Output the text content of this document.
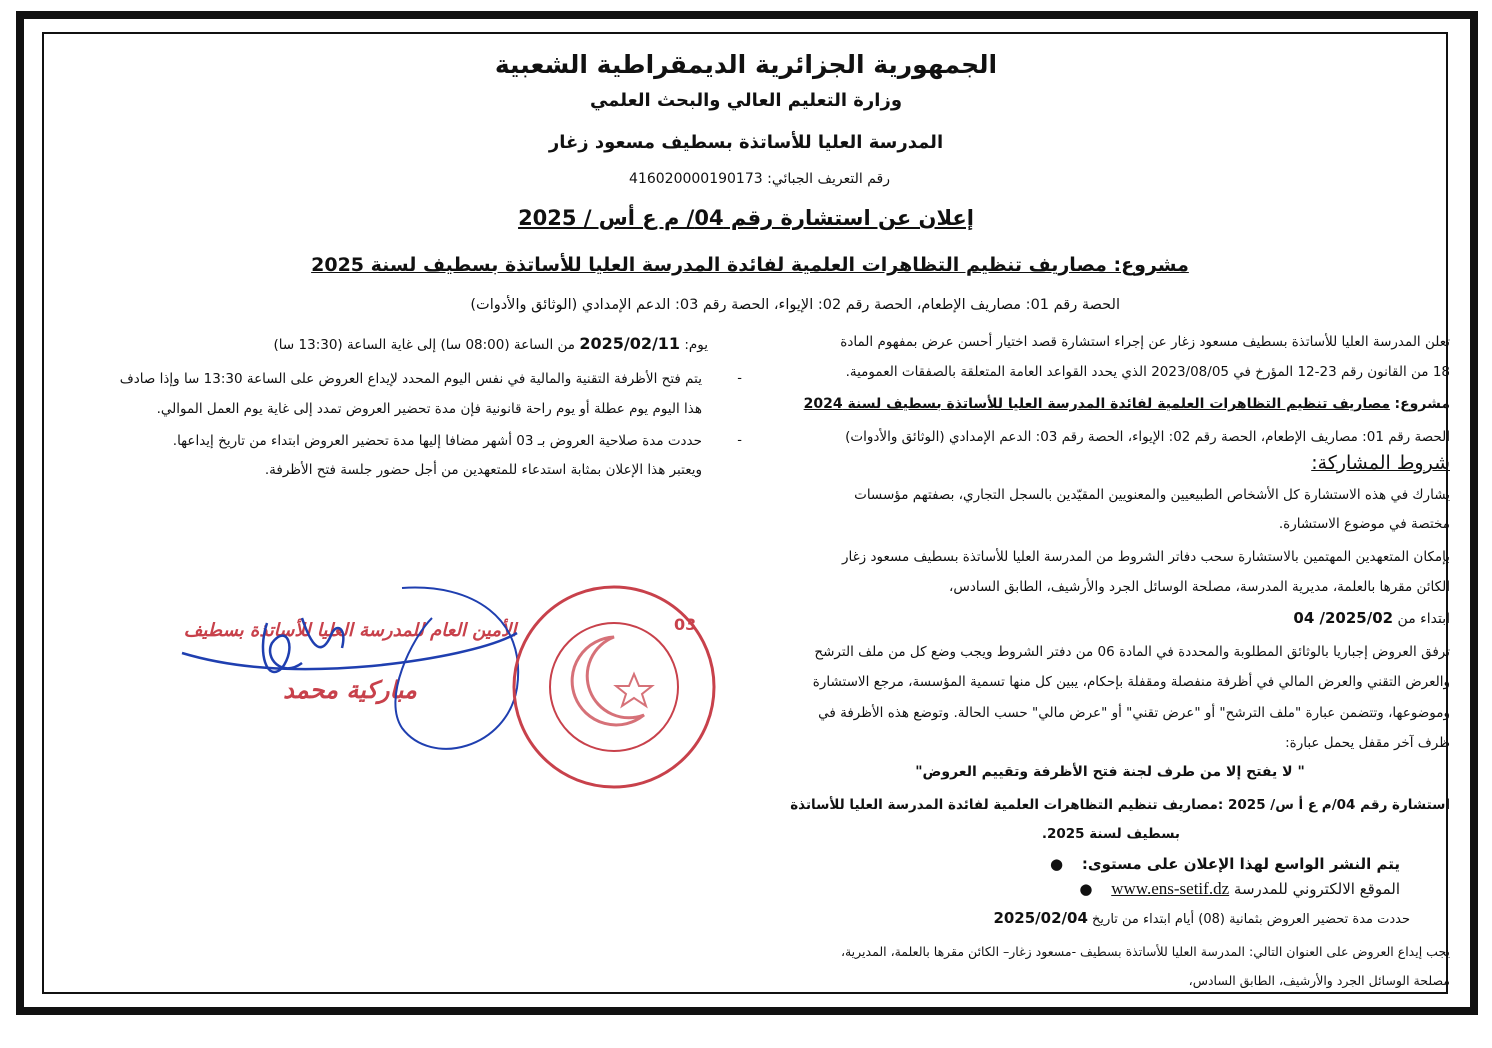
الجمهورية الجزائرية الديمقراطية الشعبية
وزارة التعليم العالي والبحث العلمي
المدرسة العليا للأساتذة بسطيف مسعود زغار
رقم التعريف الجبائي: 416020000190173
إعلان عن استشارة رقم 04/ م ع أس / 2025
مشروع: مصاريف تنظيم التظاهرات العلمية لفائدة المدرسة العليا للأساتذة بسطيف لسنة 2025
الحصة رقم 01: مصاريف الإطعام، الحصة رقم 02: الإيواء، الحصة رقم 03: الدعم الإمدادي (الوثائق والأدوات)
تعلن المدرسة العليا للأساتذة بسطيف مسعود زغار عن إجراء استشارة قصد اختيار أحسن عرض بمفهوم المادة
18 من القانون رقم 23-12 المؤرخ في 2023/08/05 الذي يحدد القواعد العامة المتعلقة بالصفقات العمومية.
مشروع: مصاريف تنظيم التظاهرات العلمية لفائدة المدرسة العليا للأساتذة بسطيف لسنة 2024
الحصة رقم 01: مصاريف الإطعام، الحصة رقم 02: الإيواء، الحصة رقم 03: الدعم الإمدادي (الوثائق والأدوات)
شروط المشاركة:
يشارك في هذه الاستشارة كل الأشخاص الطبيعيين والمعنويين المقيّدين بالسجل التجاري، بصفتهم مؤسسات
مختصة في موضوع الاستشارة.
بإمكان المتعهدين المهتمين بالاستشارة سحب دفاتر الشروط من المدرسة العليا للأساتذة بسطيف مسعود زغار
الكائن مقرها بالعلمة، مديرية المدرسة، مصلحة الوسائل الجرد والأرشيف، الطابق السادس،
ابتداء من 2025/02/ 04
ترفق العروض إجباريا بالوثائق المطلوبة والمحددة في المادة 06 من دفتر الشروط ويجب وضع كل من ملف الترشح
والعرض التقني والعرض المالي في أظرفة منفصلة ومقفلة بإحكام، يبين كل منها تسمية المؤسسة، مرجع الاستشارة
وموضوعها، وتتضمن عبارة "ملف الترشح" أو "عرض تقني" أو "عرض مالي" حسب الحالة. وتوضع هذه الأظرفة في
ظرف آخر مقفل يحمل عبارة:
" لا يفتح إلا من طرف لجنة فتح الأظرفة وتقييم العروض"
استشارة رقم 04/م ع أ س/ 2025 :مصاريف تنظيم التظاهرات العلمية لفائدة المدرسة العليا للأساتذة
بسطيف لسنة 2025.
يتم النشر الواسع لهذا الإعلان على مستوى: ●
الموقع الالكتروني للمدرسة www.ens-setif.dz ●
حددت مدة تحضير العروض بثمانية (08) أيام ابتداء من تاريخ 2025/02/04
يجب إيداع العروض على العنوان التالي: المدرسة العليا للأساتذة بسطيف -مسعود زغار– الكائن مقرها بالعلمة، المديرية،
مصلحة الوسائل الجرد والأرشيف، الطابق السادس،
يوم: 2025/02/11 من الساعة (08:00 سا) إلى غاية الساعة (13:30 سا)
يتم فتح الأظرفة التقنية والمالية في نفس اليوم المحدد لإيداع العروض على الساعة 13:30 سا وإذا صادف	-
هذا اليوم يوم عطلة أو يوم راحة قانونية فإن مدة تحضير العروض تمدد إلى غاية يوم العمل الموالي.
حددت مدة صلاحية العروض بـ 03 أشهر مضافا إليها مدة تحضير العروض ابتداء من تاريخ إيداعها.	-
ويعتبر هذا الإعلان بمثابة استدعاء للمتعهدين من أجل حضور جلسة فتح الأظرفة.
الأمين العام للمدرسة العليا للأساتذة بسطيف
مباركية محمد
03
